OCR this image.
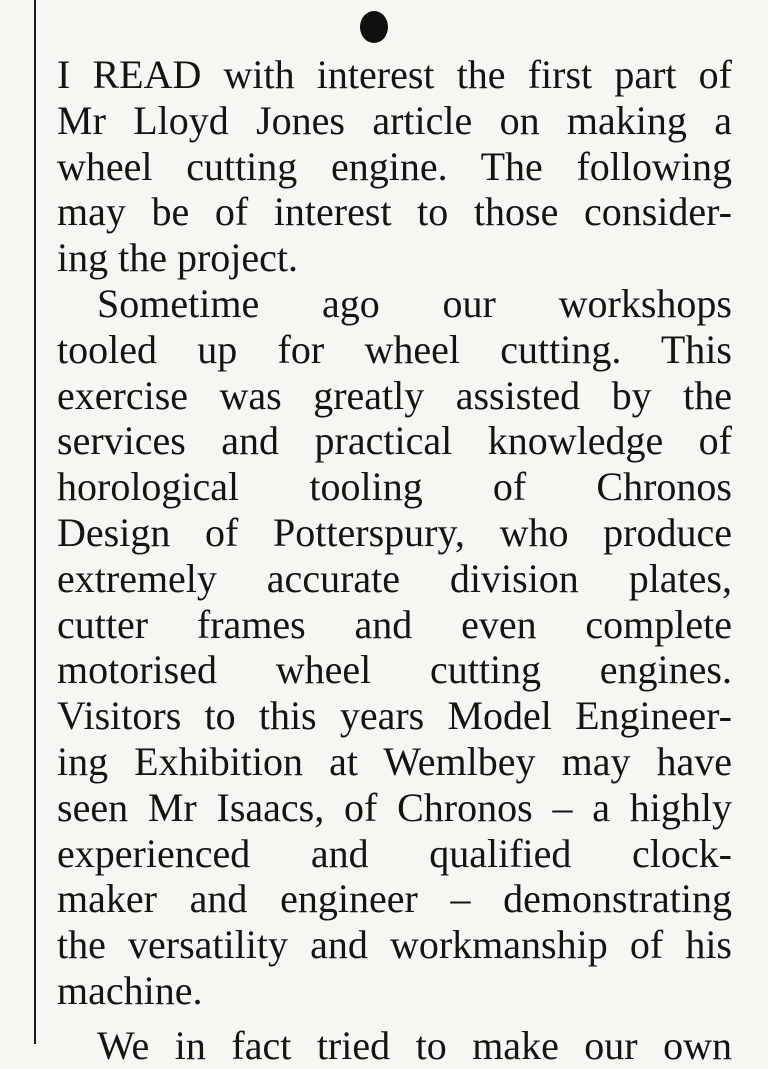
I READ with interest the first part of
Mr Lloyd Jones article on making a
wheel cutting engine. The following
may be of interest to those consider-
ing the project.
Sometime ago our workshops
tooled up for wheel cutting. This
exercise was greatly assisted by the
services and practical knowledge of
horological tooling of Chronos
Design of Potterspury, who produce
extremely accurate division plates,
cutter frames and even complete
motorised wheel cutting engines.
Visitors to this years Model Engineer-
ing Exhibition at Wemlbey may have
seen Mr Isaacs, of Chronos – a highly
experienced and qualified clock-
maker and engineer – demonstrating
the versatility and workmanship of his
machine.
We in fact tried to make our own
